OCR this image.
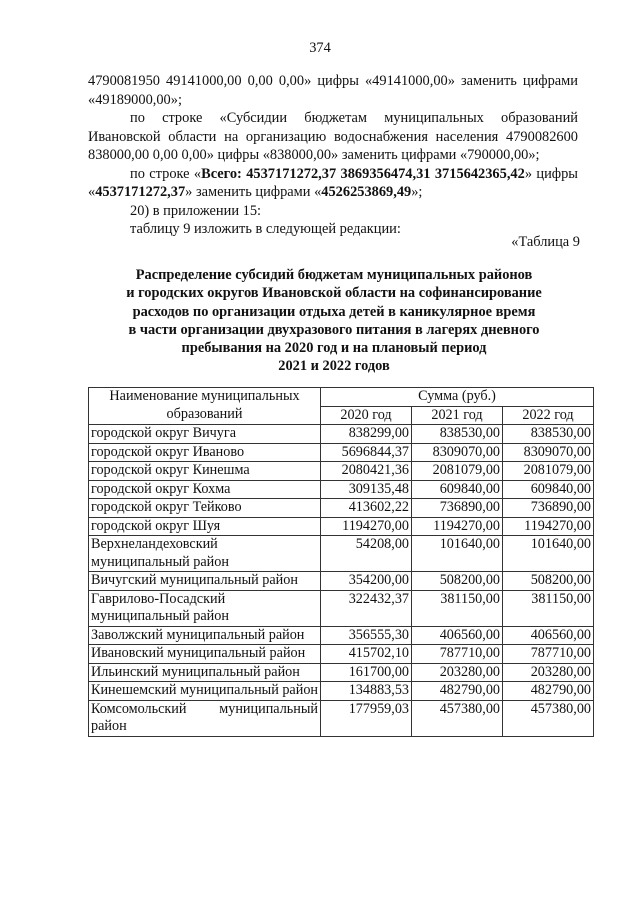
374

4790081950 49141000,00 0,00 0,00» цифры «49141000,00» заменить цифрами «49189000,00»;

по строке «Субсидии бюджетам муниципальных образований Ивановской области на организацию водоснабжения населения 4790082600 838000,00 0,00 0,00» цифры «838000,00» заменить цифрами «790000,00»;

по строке «Всего: 4537171272,37 3869356474,31 3715642365,42» цифры «4537171272,37» заменить цифрами «4526253869,49»;

20) в приложении 15:

таблицу 9 изложить в следующей редакции:

«Таблица 9
Распределение субсидий бюджетам муниципальных районов
и городских округов Ивановской области на софинансирование
расходов по организации отдыха детей в каникулярное время
в части организации двухразового питания в лагерях дневного
пребывания на 2020 год и на плановый период
2021 и 2022 годов
Наименование муниципальных образований	Сумма (руб.)		
	2020 год	2021 год	2022 год
городской округ Вичуга	838299,00	838530,00	838530,00
городской округ Иваново	5696844,37	8309070,00	8309070,00
городской округ Кинешма	2080421,36	2081079,00	2081079,00
городской округ Кохма	309135,48	609840,00	609840,00
городской округ Тейково	413602,22	736890,00	736890,00
городской округ Шуя	1194270,00	1194270,00	1194270,00
Верхнеландеховский муниципальный район	54208,00	101640,00	101640,00
Вичугский муниципальный район	354200,00	508200,00	508200,00
Гаврилово-Посадский муниципальный район	322432,37	381150,00	381150,00
Заволжский муниципальный район	356555,30	406560,00	406560,00
Ивановский муниципальный район	415702,10	787710,00	787710,00
Ильинский муниципальный район	161700,00	203280,00	203280,00
Кинешемский муниципальный район	134883,53	482790,00	482790,00
Комсомольский муниципальный район	177959,03	457380,00	457380,00
